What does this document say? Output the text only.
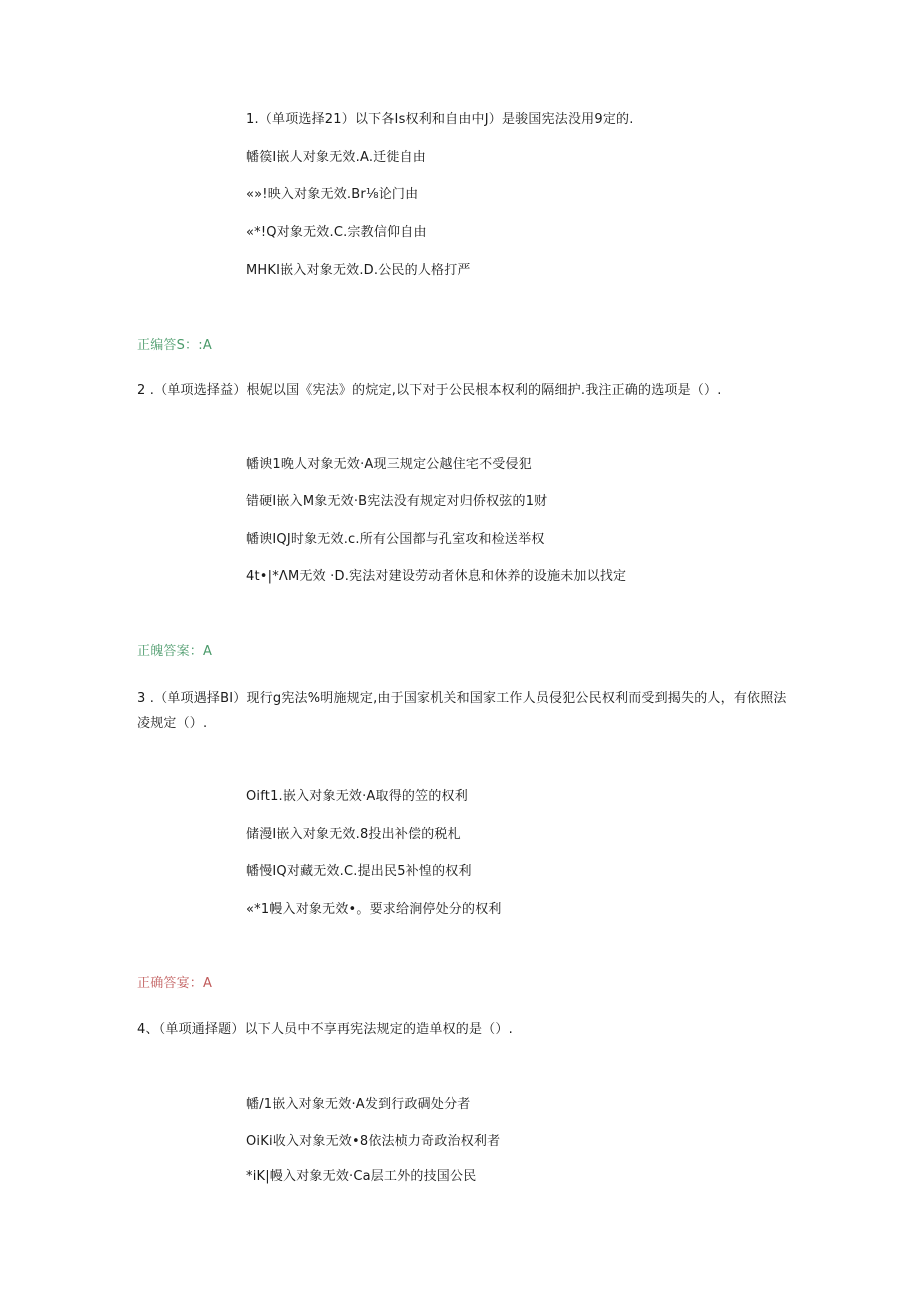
1.（单项选择21）以下各Is权利和自由中J）是骏国宪法没用9定的.
幡篌I嵌人对象无效.A.迁徙自由
«»!映入对象无效.Br⅛论门由
«*!Q对象无效.C.宗教信仰自由
MHKI嵌入对象无效.D.公民的人格打严
正编答S：:A
2 .（单项选择益）根妮以国《宪法》的烷定,以下对于公民根本权利的隔细护.我注正确的选项是（）.
幡谀1晚人对象无效·A现三规定公越住宅不受侵犯
错硬I嵌入M象无效·B宪法没有规定对归侨权弦的1财
幡谀IQJ时象无效.c.所有公国都与孔室攻和检送举权
4t•|*ΛM无效 ·D.宪法对建设劳动者休息和休养的设施未加以找定
正魄答案：A
3 .（单项遇择BI）现行g宪法%明施规定,由于国家机关和国家工作人员侵犯公民权利而受到揭失的人，有依照法凌规定（）.
Oift1.嵌入对象无效·A取得的笠的权利
储漫I嵌入对象无效.8投出补偿的税札
幡慢IQ对藏无效.C.提出民5补惶的权利
«*1幔入对象无效•。要求给涧停处分的权利
正确答宴：A
4、（单项通择题）以下人员中不享再宪法规定的造单权的是（）.
幡/1嵌入对象无效·A发到行政碉处分者
OiKi收入对象无效•8依法桢力奇政治权利者
*iK|幔入对象无效·Ca层工外的技国公民
